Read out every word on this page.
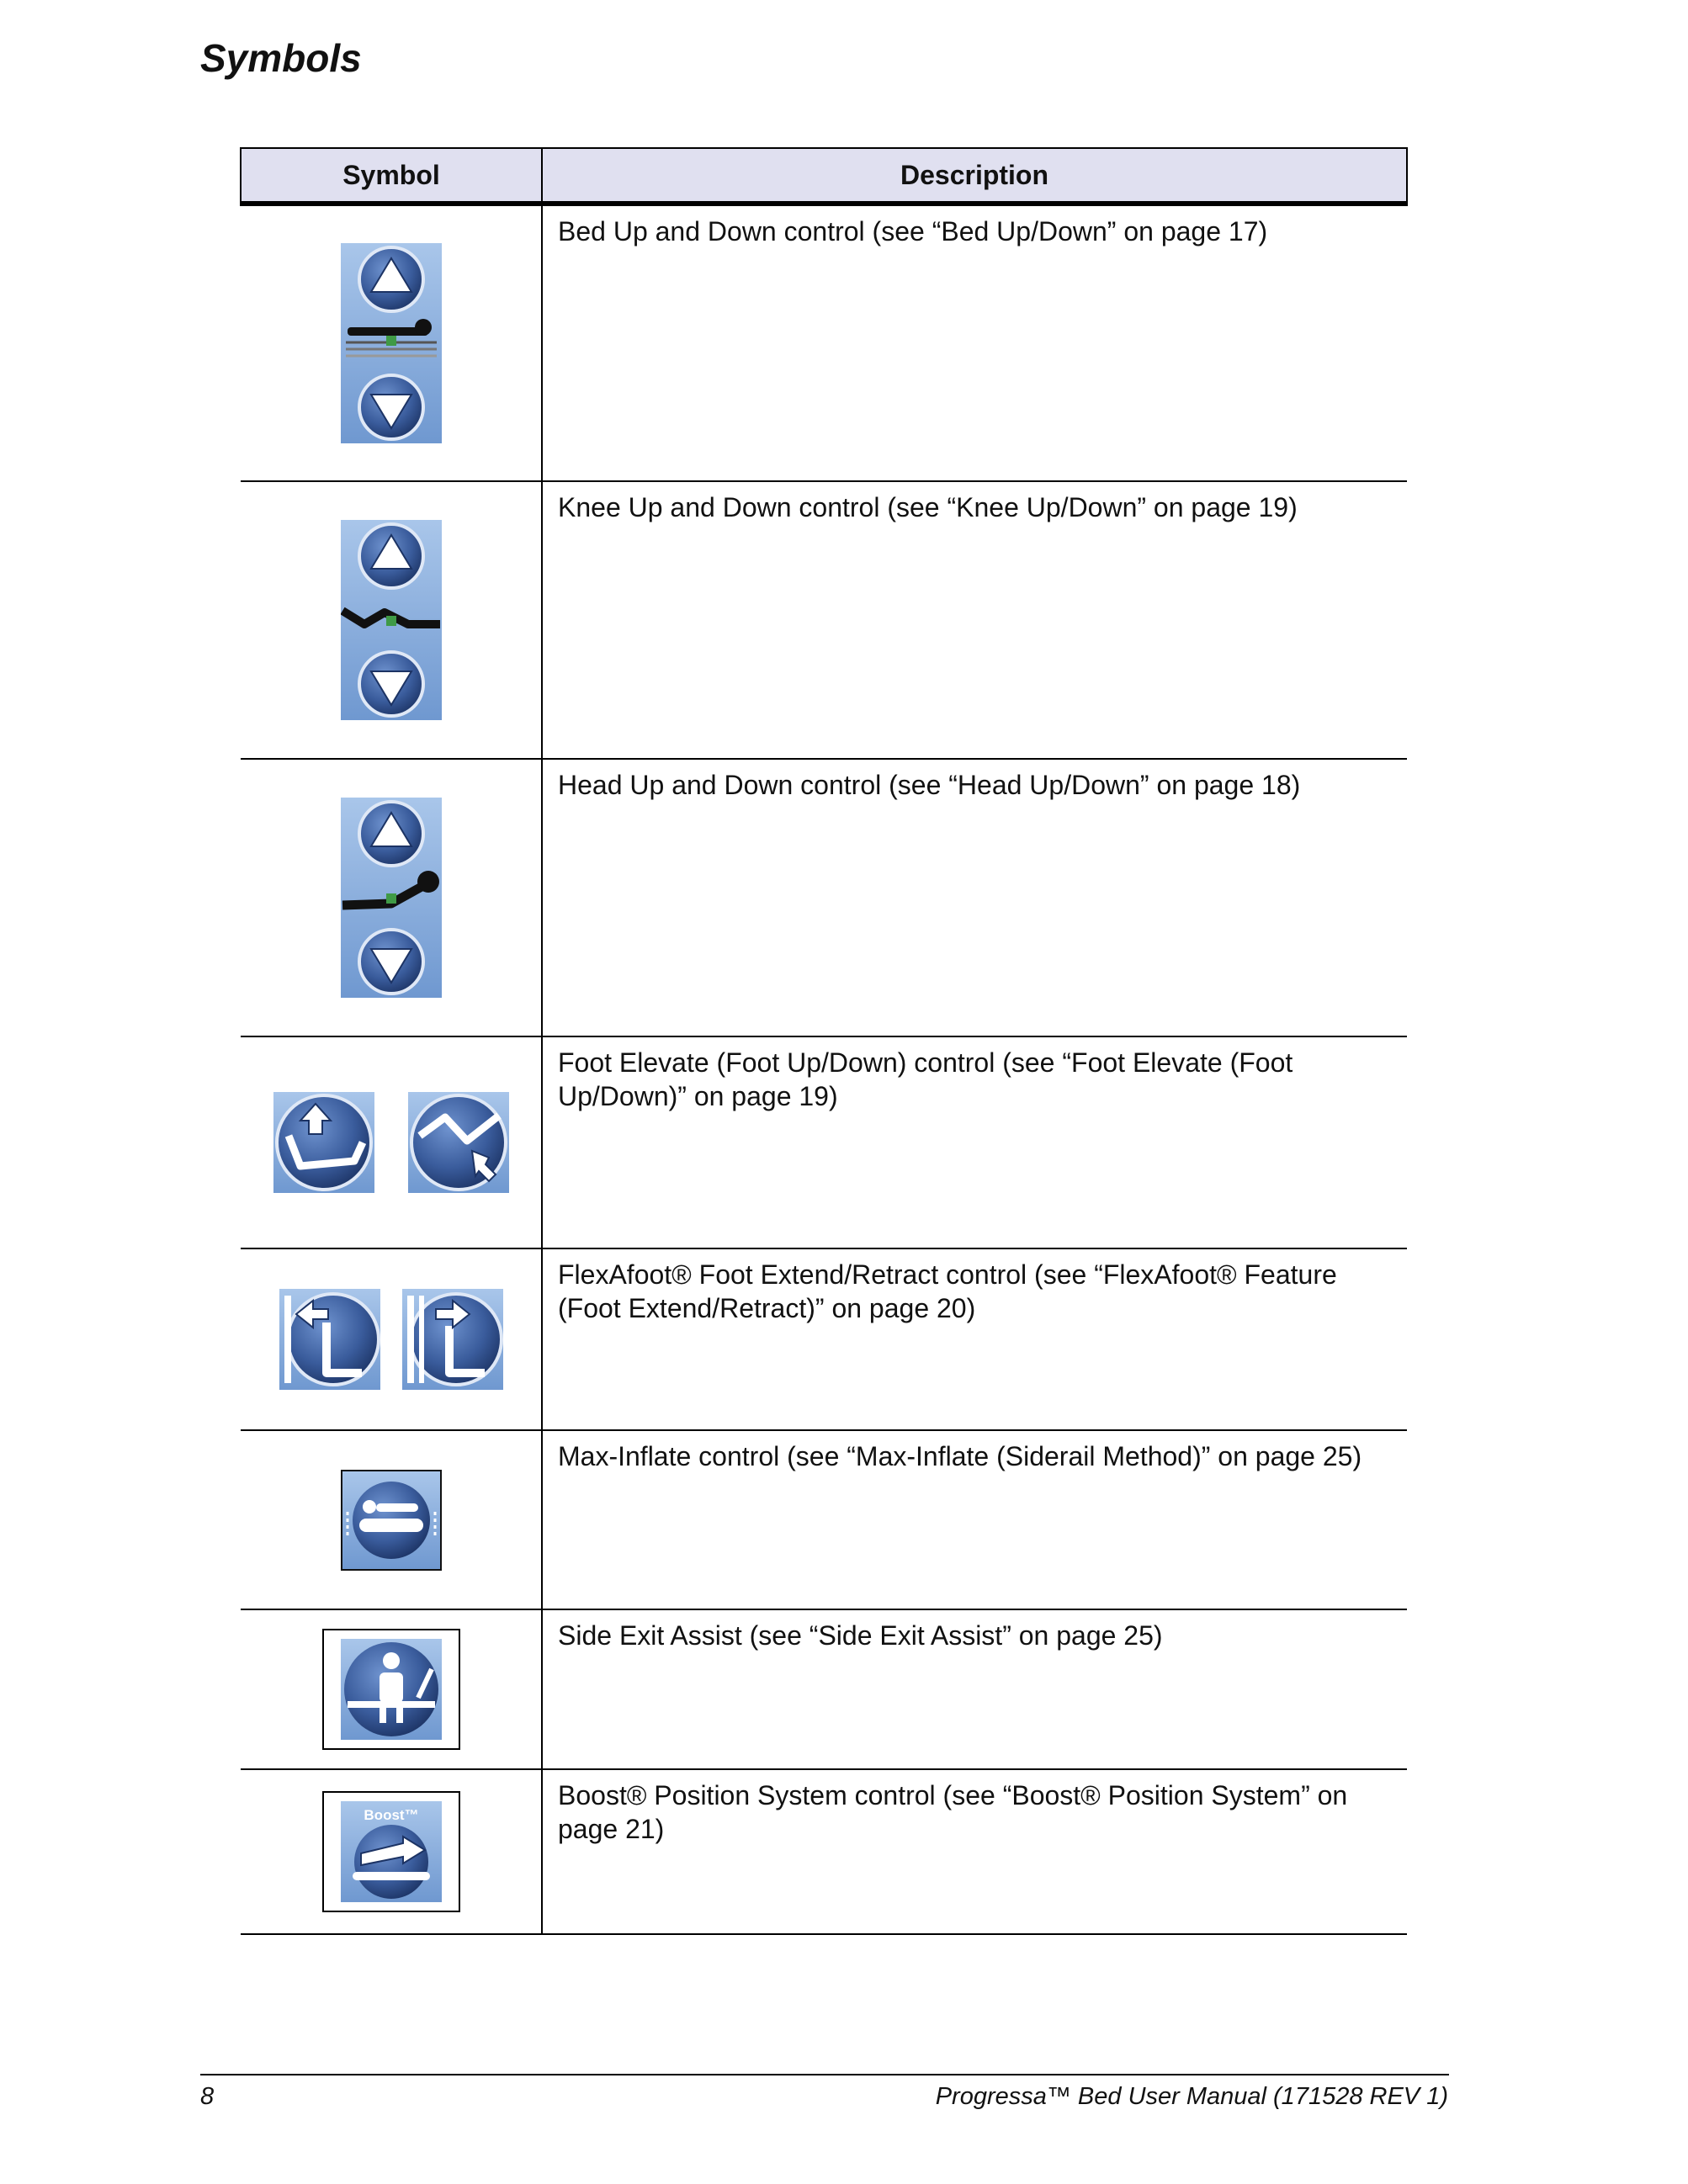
Symbols
Symbol	Description

	Bed Up and Down control (see “Bed Up/Down” on page 17)

	Knee Up and Down control (see “Knee Up/Down” on page 19)

	Head Up and Down control (see “Head Up/Down” on page 18)

	Foot Elevate (Foot Up/Down) control (see “Foot Elevate (Foot Up/Down)” on page 19)

	FlexAfoot® Foot Extend/Retract control (see “FlexAfoot® Feature (Foot Extend/Retract)” on page 20)

	Max-Inflate control (see “Max-Inflate (Siderail Method)” on page 25)

	Side Exit Assist (see “Side Exit Assist” on page 25)

Boost™	Boost® Position System control (see “Boost® Position System” on page 21)
8	Progressa™ Bed User Manual (171528 REV 1)
